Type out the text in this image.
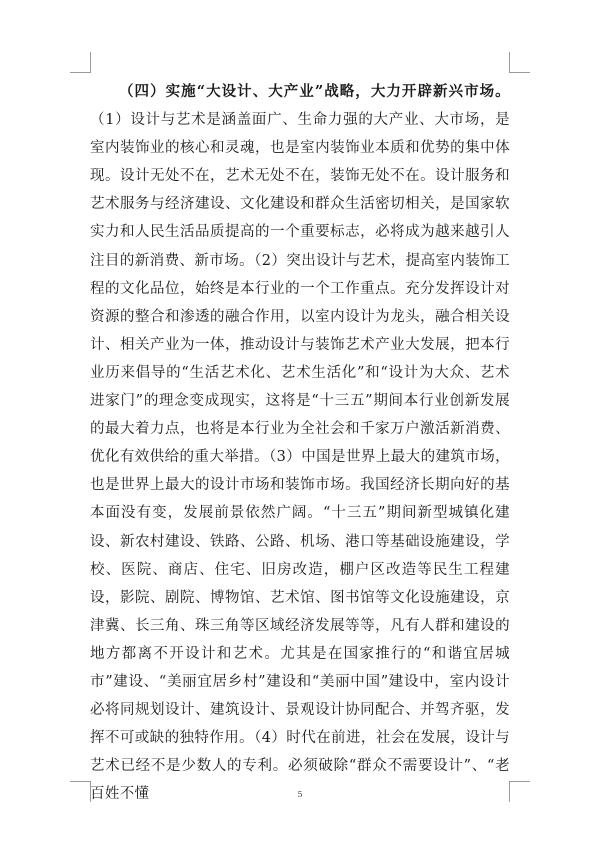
（四）实施“大设计、大产业”战略，大力开辟新兴市场。（1）设计与艺术是涵盖面广、生命力强的大产业、大市场，是室内装饰业的核心和灵魂，也是室内装饰业本质和优势的集中体现。设计无处不在，艺术无处不在，装饰无处不在。设计服务和艺术服务与经济建设、文化建设和群众生活密切相关，是国家软实力和人民生活品质提高的一个重要标志，必将成为越来越引人注目的新消费、新市场。（2）突出设计与艺术，提高室内装饰工程的文化品位，始终是本行业的一个工作重点。充分发挥设计对资源的整合和渗透的融合作用，以室内设计为龙头，融合相关设计、相关产业为一体，推动设计与装饰艺术产业大发展，把本行业历来倡导的“生活艺术化、艺术生活化”和“设计为大众、艺术进家门”的理念变成现实，这将是“十三五”期间本行业创新发展的最大着力点，也将是本行业为全社会和千家万户激活新消费、优化有效供给的重大举措。（3）中国是世界上最大的建筑市场，也是世界上最大的设计市场和装饰市场。我国经济长期向好的基本面没有变，发展前景依然广阔。“十三五”期间新型城镇化建设、新农村建设、铁路、公路、机场、港口等基础设施建设，学校、医院、商店、住宅、旧房改造，棚户区改造等民生工程建设，影院、剧院、博物馆、艺术馆、图书馆等文化设施建设，京津冀、长三角、珠三角等区域经济发展等等，凡有人群和建设的地方都离不开设计和艺术。尤其是在国家推行的“和谐宜居城市”建设、“美丽宜居乡村”建设和“美丽中国”建设中，室内设计必将同规划设计、建筑设计、景观设计协同配合、并驾齐驱，发挥不可或缺的独特作用。（4）时代在前进，社会在发展，设计与艺术已经不是少数人的专利。必须破除“群众不需要设计”、“老百姓不懂	5
